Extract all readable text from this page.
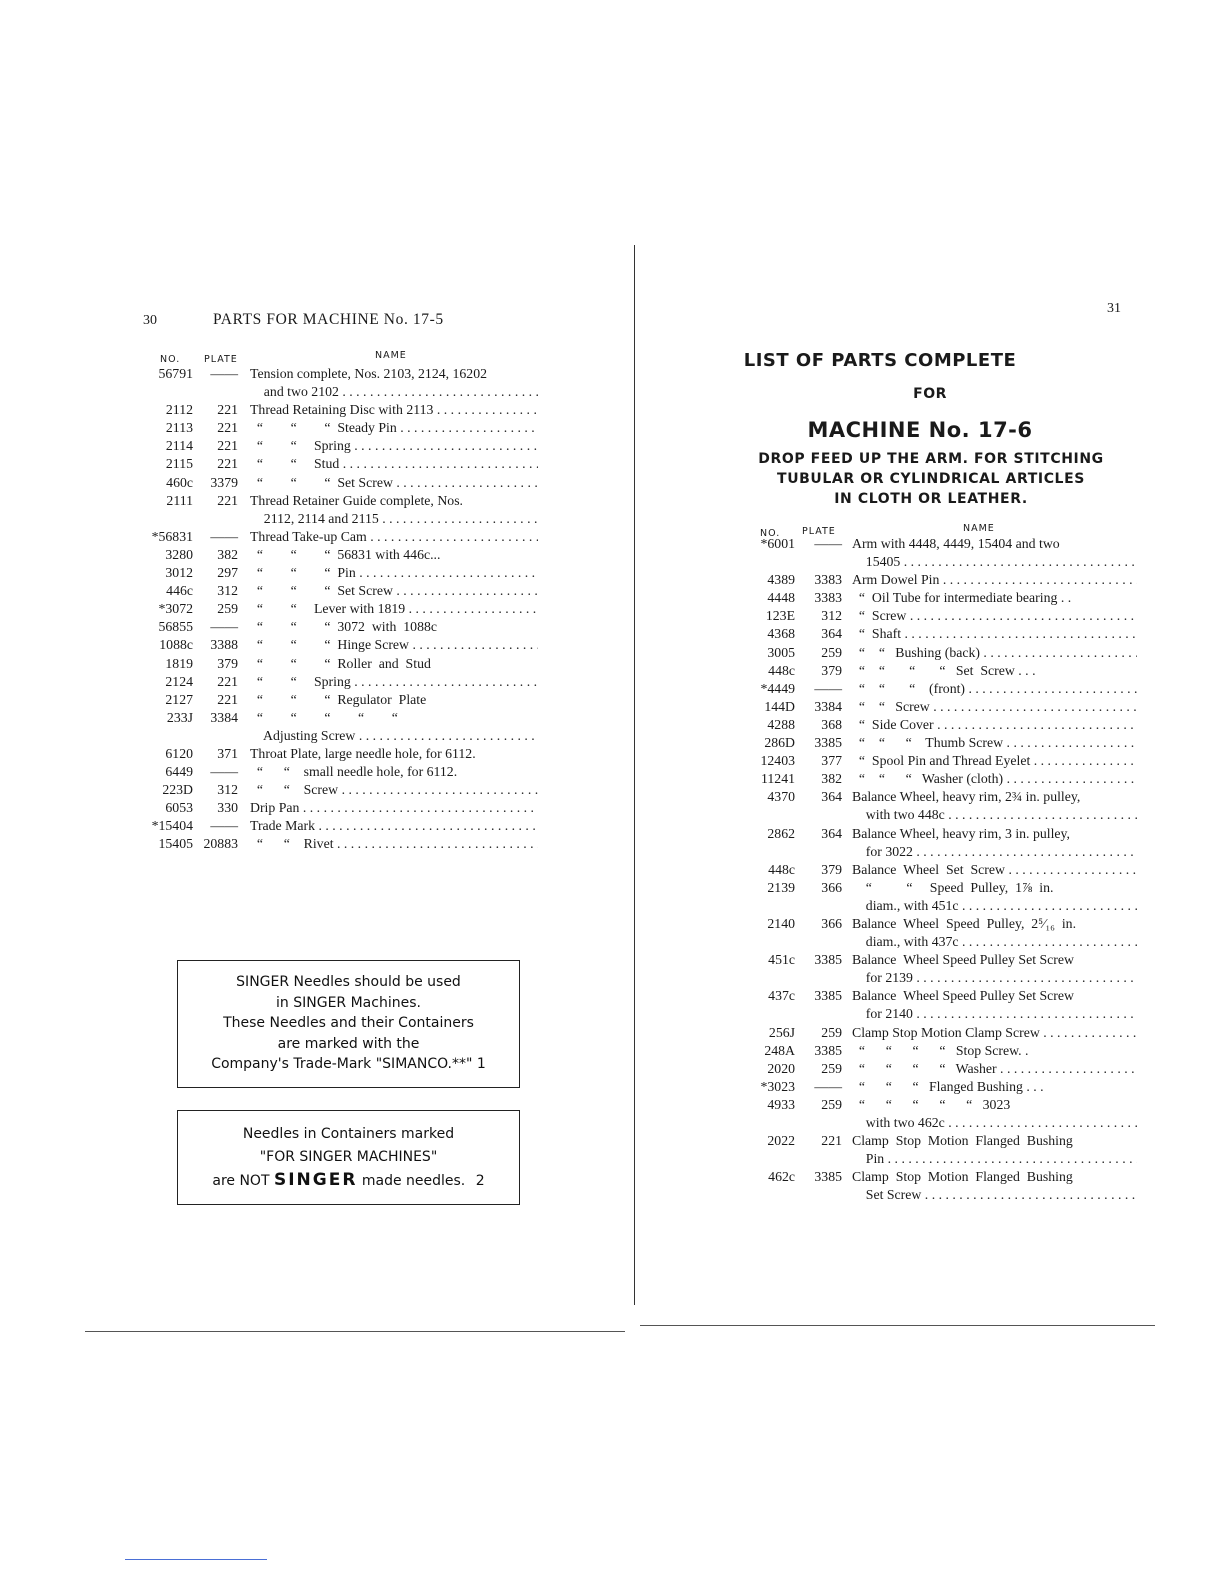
30	PARTS FOR MACHINE No. 17-5
NO.	PLATE	NAME
56791	—— Tension complete, Nos. 2103, 2124, 16202
and two 2102 . . .
2112	221 Thread Retaining Disc with 2113 . . .
2113	221 “        “        “  Steady Pin . . .
2114	221 “        “     Spring . . .
2115	221 “        “     Stud . . .
460c	3379 “        “        “  Set Screw . . .
2111	221 Thread Retainer Guide complete, Nos.
2112, 2114 and 2115 . . .
*56831	—— Thread Take-up Cam . . .
3280	382 “        “        “  56831 with 446c...
3012	297 “        “        “  Pin . . .
446c	312 “        “        “  Set Screw . . .
*3072	259 “        “     Lever with 1819 . . .
56855	—— “        “        “  3072  with  1088c
1088c	3388 “        “        “  Hinge Screw . . .
1819	379 “        “        “  Roller  and  Stud
2124	221 “        “     Spring . . .
2127	221 “        “        “  Regulator  Plate
233J	3384 “        “        “        “        “
Adjusting Screw . . .
6120	371 Throat Plate, large needle hole, for 6112.
6449	—— “      “    small needle hole, for 6112.
223D	312 “      “    Screw . . .
6053	330 Drip Pan . . .
*15404	—— Trade Mark . . .
15405 20883 “      “    Rivet . . .
SINGER Needles should be used
in SINGER Machines.
These Needles and their Containers
are marked with the
Company's Trade-Mark "SIMANCO.**" 1
Needles in Containers marked
"FOR SINGER MACHINES"
are NOT SINGER made needles. 2
31
LIST OF PARTS COMPLETE
FOR
MACHINE No. 17-6
DROP FEED UP THE ARM. FOR STITCHING
TUBULAR OR CYLINDRICAL ARTICLES
IN CLOTH OR LEATHER.
NO. PLATE	NAME
*6001	—— Arm with 4448, 4449, 15404 and two
15405 . . .
4389	3383 Arm Dowel Pin . . .
4448	3383 “  Oil Tube for intermediate bearing . .
123E	312 “  Screw . . .
4368	364 “  Shaft . . .
3005	259 “    “   Bushing (back) . . .
448c	379 “    “       “       “   Set  Screw . . .
*4449	—— “    “       “    (front) . . .
144D	3384 “    “   Screw . . .
4288	368 “  Side Cover . . .
286D	3385 “    “      “    Thumb Screw . . .
12403	377 “  Spool Pin and Thread Eyelet . . .
11241	382 “    “      “   Washer (cloth) . . .
4370	364 Balance Wheel, heavy rim, 2¾ in. pulley,
with two 448c . . .
2862	364 Balance Wheel, heavy rim, 3 in. pulley,
for 3022 . . .
448c	379 Balance  Wheel  Set  Screw . . .
2139	366 “          “     Speed  Pulley,  1⅞  in.
diam., with 451c . . .
2140	366 Balance  Wheel  Speed  Pulley,  2⁵⁄₁₆  in.
diam., with 437c . . .
451c	3385 Balance  Wheel Speed Pulley Set Screw
for 2139 . . .
437c	3385 Balance  Wheel Speed Pulley Set Screw
for 2140 . . .
256J	259 Clamp Stop Motion Clamp Screw . . .
248A	3385 “      “      “      “   Stop Screw. .
2020	259 “      “      “      “   Washer . . .
*3023	—— “      “      “   Flanged Bushing . . .
4933	259 “      “      “      “      “   3023
with two 462c . . .
2022	221 Clamp  Stop  Motion  Flanged  Bushing
Pin . . .
462c	3385 Clamp  Stop  Motion  Flanged  Bushing
Set Screw . . .
